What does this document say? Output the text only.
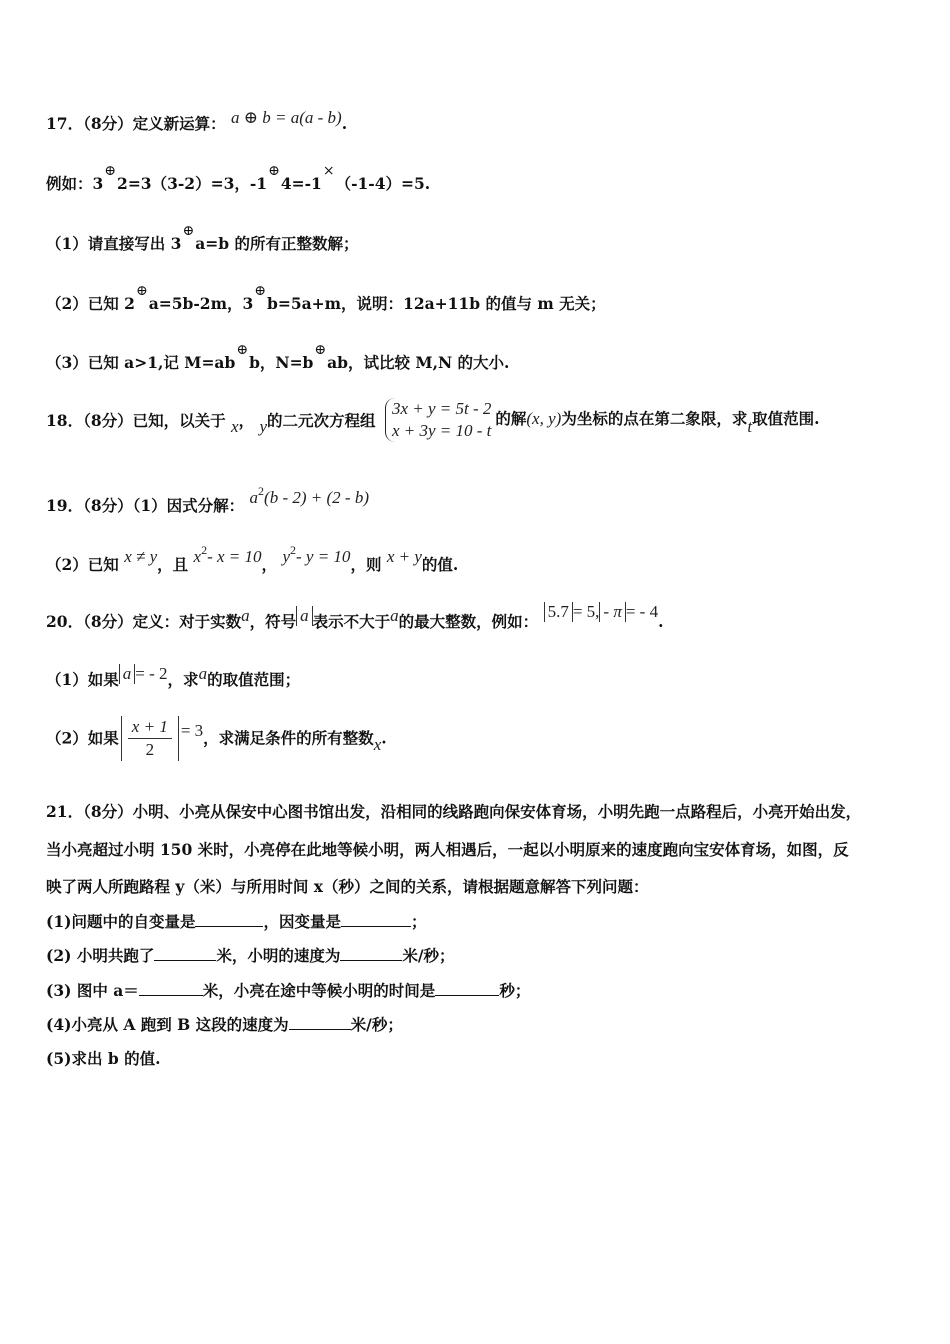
17．（8分）定义新运算： a ⊕ b = a(a - b).
例如：3⊕2=3（3-2）=3，-1⊕4=-1×（-1-4）=5.
（1）请直接写出 3⊕a=b 的所有正整数解；
（2）已知 2⊕a=5b-2m，3⊕b=5a+m，说明：12a+11b 的值与 m 无关；
（3）已知 a>1,记 M=ab⊕b，N=b⊕ab，试比较 M,N 的大小.
18．（8分）已知，以关于 x， y的二元次方程组
3x + y = 5t - 2
x + 3y = 10 - t
的解(x, y)为坐标的点在第二象限，求t取值范围.
19．（8分）（1）因式分解： $a^2(b - 2) + (2 - b)$
（2）已知 x ≠ y，且 $x^2-$ x = 10， $y^2-$ y = 10，则 x + y的值.
20．（8分）定义：对于实数a，符号 a 表示不大于a的最大整数，例如： 5.7 = 5, - π = - 4.
（1）如果 a = - 2，求a的取值范围；
（2）如果 $\frac{x + 1}{2} = 3$，求满足条件的所有整数x.
21．（8分）小明、小亮从保安中心图书馆出发，沿相同的线路跑向保安体育场，小明先跑一点路程后，小亮开始出发，
当小亮超过小明 150 米时，小亮停在此地等候小明，两人相遇后，一起以小明原来的速度跑向宝安体育场，如图，反
映了两人所跑路程 y（米）与所用时间 x（秒）之间的关系，请根据题意解答下列问题：
(1)问题中的自变量是	，因变量是	；
(2) 小明共跑了	米，小明的速度为	米/秒；
(3) 图中 a＝	米，小亮在途中等候小明的时间是	秒；
(4)小亮从 A 跑到 B 这段的速度为	米/秒；
(5)求出 b 的值.
